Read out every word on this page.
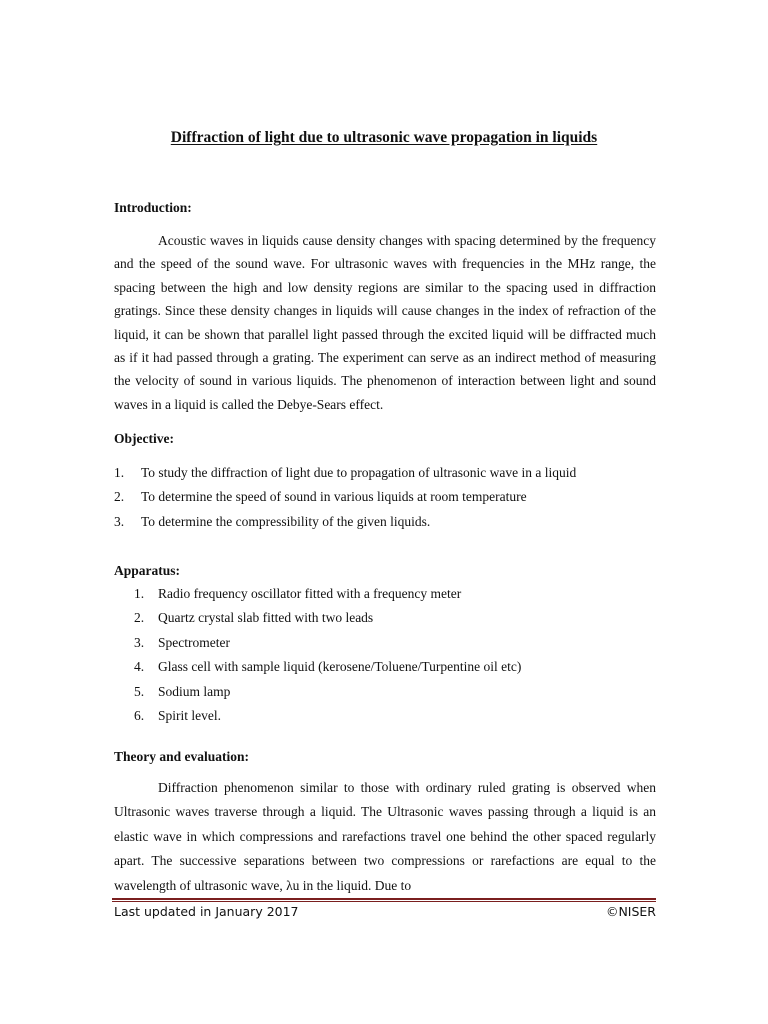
Diffraction of light due to ultrasonic wave propagation in liquids
Introduction:

Acoustic waves in liquids cause density changes with spacing determined by the frequency and the speed of the sound wave. For ultrasonic waves with frequencies in the MHz range, the spacing between the high and low density regions are similar to the spacing used in diffraction gratings. Since these density changes in liquids will cause changes in the index of refraction of the liquid, it can be shown that parallel light passed through the excited liquid will be diffracted much as if it had passed through a grating. The experiment can serve as an indirect method of measuring the velocity of sound in various liquids. The phenomenon of interaction between light and sound waves in a liquid is called the Debye-Sears effect.

Objective:
1. To study the diffraction of light due to propagation of ultrasonic wave in a liquid
2. To determine the speed of sound in various liquids at room temperature
3. To determine the compressibility of the given liquids.
Apparatus:
1. Radio frequency oscillator fitted with a frequency meter
2. Quartz crystal slab fitted with two leads
3. Spectrometer
4. Glass cell with sample liquid (kerosene/Toluene/Turpentine oil etc)
5. Sodium lamp
6. Spirit level.
Theory and evaluation:

Diffraction phenomenon similar to those with ordinary ruled grating is observed when Ultrasonic waves traverse through a liquid. The Ultrasonic waves passing through a liquid is an elastic wave in which compressions and rarefactions travel one behind the other spaced regularly apart. The successive separations between two compressions or rarefactions are equal to the wavelength of ultrasonic wave, λu in the liquid. Due to

Last updated in January 2017	©NISER
